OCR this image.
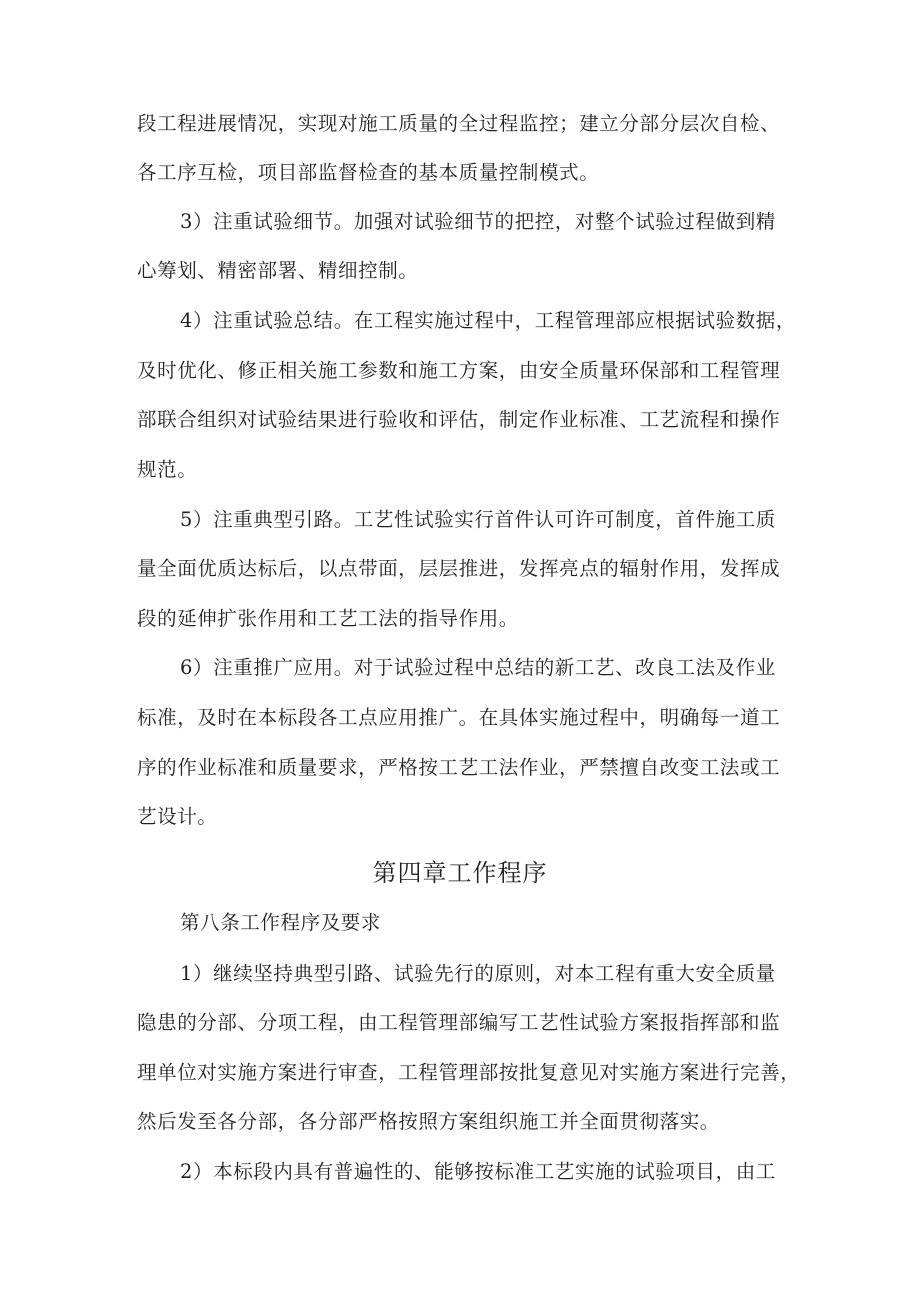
段工程进展情况，实现对施工质量的全过程监控；建立分部分层次自检、
各工序互检，项目部监督检查的基本质量控制模式。
3）注重试验细节。加强对试验细节的把控，对整个试验过程做到精
心筹划、精密部署、精细控制。
4）注重试验总结。在工程实施过程中，工程管理部应根据试验数据，
及时优化、修正相关施工参数和施工方案，由安全质量环保部和工程管理
部联合组织对试验结果进行验收和评估，制定作业标准、工艺流程和操作
规范。
5）注重典型引路。工艺性试验实行首件认可许可制度，首件施工质
量全面优质达标后，以点带面，层层推进，发挥亮点的辐射作用，发挥成
段的延伸扩张作用和工艺工法的指导作用。
6）注重推广应用。对于试验过程中总结的新工艺、改良工法及作业
标准，及时在本标段各工点应用推广。在具体实施过程中，明确每一道工
序的作业标准和质量要求，严格按工艺工法作业，严禁擅自改变工法或工
艺设计。
第四章工作程序
第八条工作程序及要求
1）继续坚持典型引路、试验先行的原则，对本工程有重大安全质量
隐患的分部、分项工程，由工程管理部编写工艺性试验方案报指挥部和监
理单位对实施方案进行审查，工程管理部按批复意见对实施方案进行完善，
然后发至各分部，各分部严格按照方案组织施工并全面贯彻落实。
2）本标段内具有普遍性的、能够按标准工艺实施的试验项目，由工
